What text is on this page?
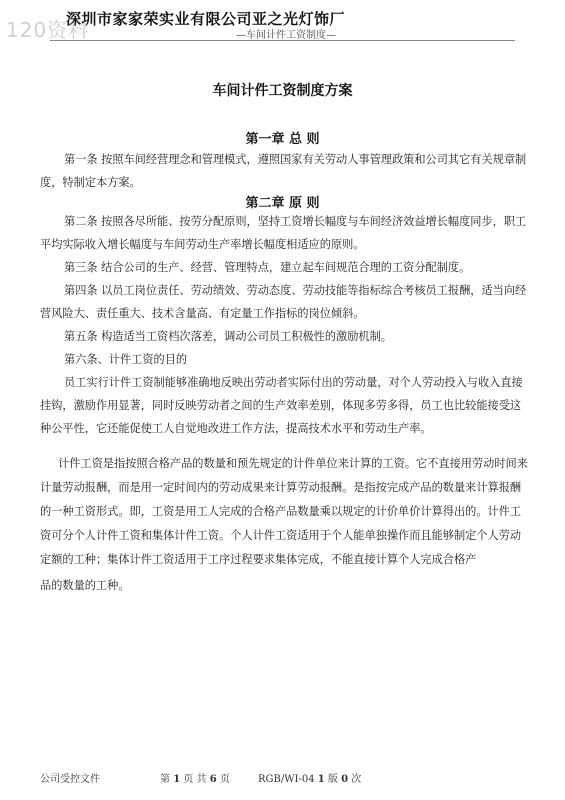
120资料
深圳市家家荣实业有限公司亚之光灯饰厂
—车间计件工资制度—
车间计件工资制度方案
第一章 总 则

第一条 按照车间经营理念和管理模式，遵照国家有关劳动人事管理政策和公司其它有关规章制度，特制定本方案。

第二章 原 则

第二条 按照各尽所能、按劳分配原则，坚持工资增长幅度与车间经济效益增长幅度同步，职工平均实际收入增长幅度与车间劳动生产率增长幅度相适应的原则。

第三条 结合公司的生产、经营、管理特点，建立起车间规范合理的工资分配制度。

第四条 以员工岗位责任、劳动绩效、劳动态度、劳动技能等指标综合考核员工报酬，适当向经营风险大、责任重大、技术含量高、有定量工作指标的岗位倾斜。

第五条 构造适当工资档次落差，调动公司员工积极性的激励机制。

第六条、计件工资的目的

员工实行计件工资制能够准确地反映出劳动者实际付出的劳动量，对个人劳动投入与收入直接挂钩，激励作用显著，同时反映劳动者之间的生产效率差别，体现多劳多得，员工也比较能接受这种公平性，它还能促使工人自觉地改进工作方法，提高技术水平和劳动生产率。

计件工资是指按照合格产品的数量和预先规定的计件单位来计算的工资。它不直接用劳动时间来计量劳动报酬，而是用一定时间内的劳动成果来计算劳动报酬。是指按完成产品的数量来计算报酬的一种工资形式。即，工资是用工人完成的合格产品数量乘以规定的计价单价计算得出的。计件工资可分个人计件工资和集体计件工资。个人计件工资适用于个人能单独操作而且能够制定个人劳动定额的工种；集体计件工资适用于工序过程要求集体完成，不能直接计算个人完成合格产

品的数量的工种。

公司受控文件	第 1 页 共 6 页	RGB/WI-04 1 版 0 次
